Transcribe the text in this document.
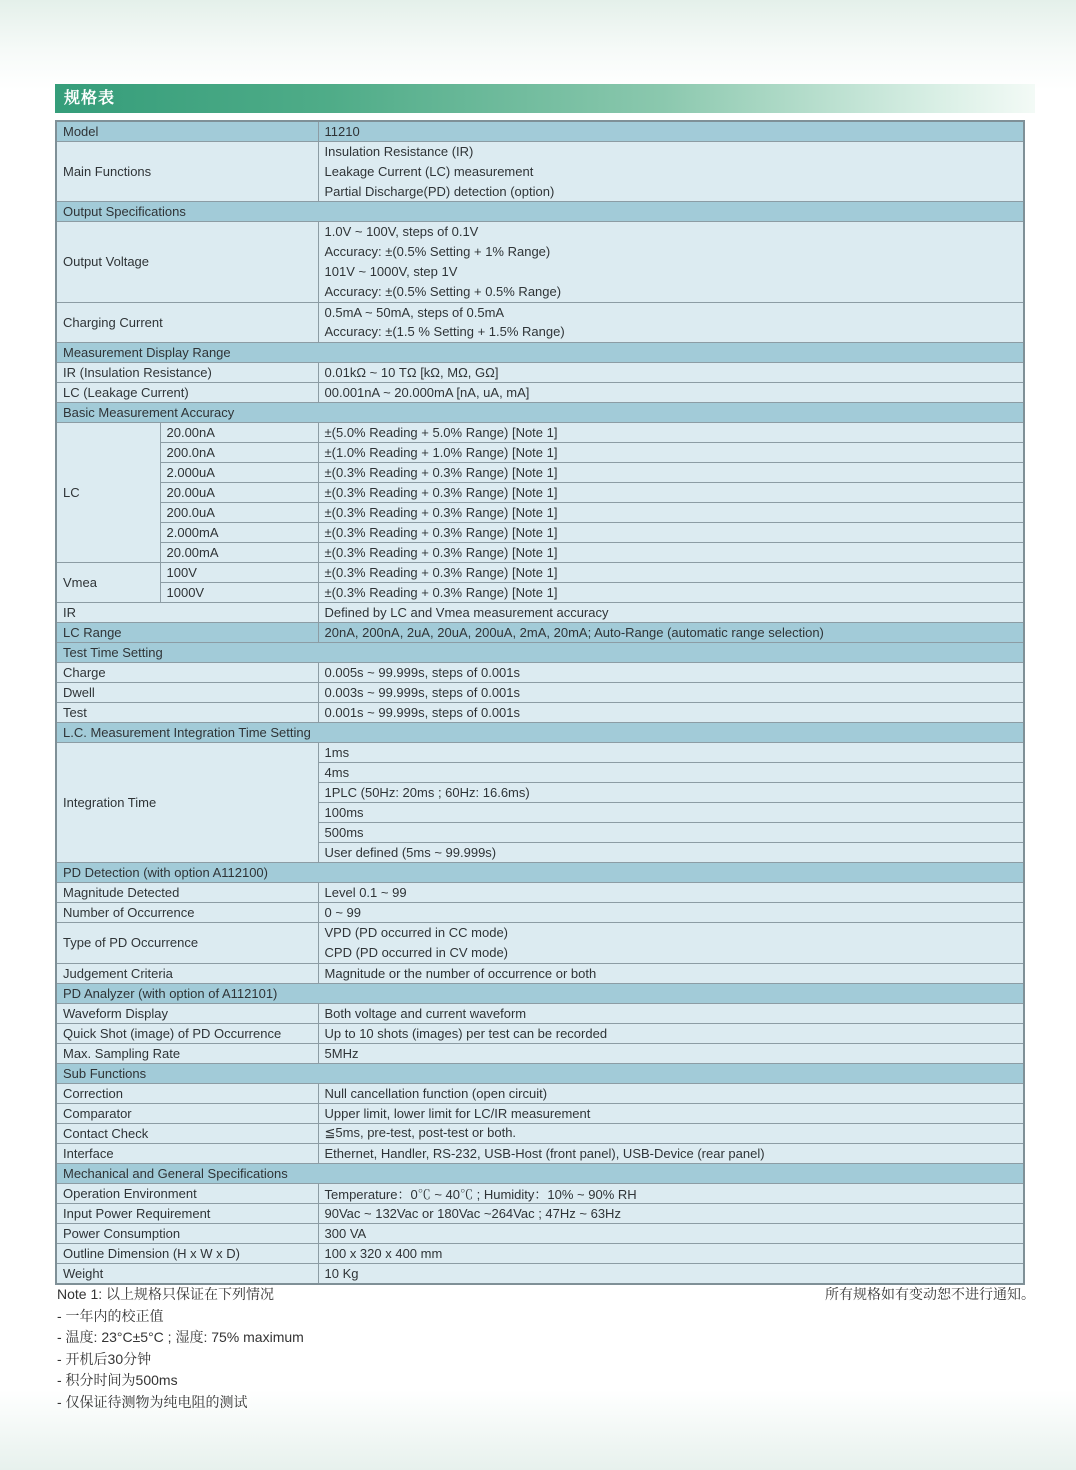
规格表
Model		11210
Main Functions		Insulation Resistance (IR)
Leakage Current (LC) measurement
Partial Discharge(PD) detection (option)

Output Specifications		
Output Voltage		1.0V ~ 100V, steps of 0.1V
Accuracy: ±(0.5% Setting + 1% Range)
101V ~ 1000V, step 1V
Accuracy: ±(0.5% Setting + 0.5% Range)

Charging Current		0.5mA ~ 50mA, steps of 0.5mA
Accuracy: ±(1.5 % Setting + 1.5% Range)

Measurement Display Range		
IR (Insulation Resistance)		0.01kΩ ~ 10 TΩ [kΩ, MΩ, GΩ]
LC (Leakage Current)		00.001nA ~ 20.000mA [nA, uA, mA]
Basic Measurement Accuracy		
LC	20.00nA	±(5.0% Reading + 5.0% Range) [Note 1]
	200.0nA	±(1.0% Reading + 1.0% Range) [Note 1]
	2.000uA	±(0.3% Reading + 0.3% Range) [Note 1]
	20.00uA	±(0.3% Reading + 0.3% Range) [Note 1]
	200.0uA	±(0.3% Reading + 0.3% Range) [Note 1]
	2.000mA	±(0.3% Reading + 0.3% Range) [Note 1]
	20.00mA	±(0.3% Reading + 0.3% Range) [Note 1]
Vmea	100V	±(0.3% Reading + 0.3% Range) [Note 1]
	1000V	±(0.3% Reading + 0.3% Range) [Note 1]
IR		Defined by LC and Vmea measurement accuracy
LC Range		20nA, 200nA, 2uA, 20uA, 200uA, 2mA, 20mA; Auto-Range (automatic range selection)
Test Time Setting		
Charge		0.005s ~ 99.999s, steps of 0.001s
Dwell		0.003s ~ 99.999s, steps of 0.001s
Test		0.001s ~ 99.999s, steps of 0.001s
L.C. Measurement Integration Time Setting		
Integration Time		1ms
		4ms
		1PLC (50Hz: 20ms ; 60Hz: 16.6ms)
		100ms
		500ms
		User defined (5ms ~ 99.999s)
PD Detection (with option A112100)		
Magnitude Detected		Level 0.1 ~ 99
Number of Occurrence		0 ~ 99
Type of PD Occurrence		VPD (PD occurred in CC mode)
CPD (PD occurred in CV mode)

Judgement Criteria		Magnitude or the number of occurrence or both
PD Analyzer (with option of A112101)		
Waveform Display		Both voltage and current waveform
Quick Shot (image) of PD Occurrence		Up to 10 shots (images) per test can be recorded
Max. Sampling Rate		5MHz
Sub Functions		
Correction		Null cancellation function (open circuit)
Comparator		Upper limit, lower limit for LC/IR measurement
Contact Check		≦5ms, pre-test, post-test or both.
Interface		Ethernet, Handler, RS-232, USB-Host (front panel), USB-Device (rear panel)
Mechanical and General Specifications		
Operation Environment		Temperature：0℃ ~ 40℃ ; Humidity：10% ~ 90% RH
Input Power Requirement		90Vac ~ 132Vac or 180Vac ~264Vac ; 47Hz ~ 63Hz
Power Consumption		300 VA
Outline Dimension (H x W x D)		100 x 320 x 400 mm
Weight		10 Kg
Note 1: 以上规格只保证在下列情况
- 一年内的校正值
- 温度: 23°C±5°C ; 湿度: 75% maximum
- 开机后30分钟
- 积分时间为500ms
- 仅保证待测物为纯电阻的测试
所有规格如有变动恕不进行通知。
